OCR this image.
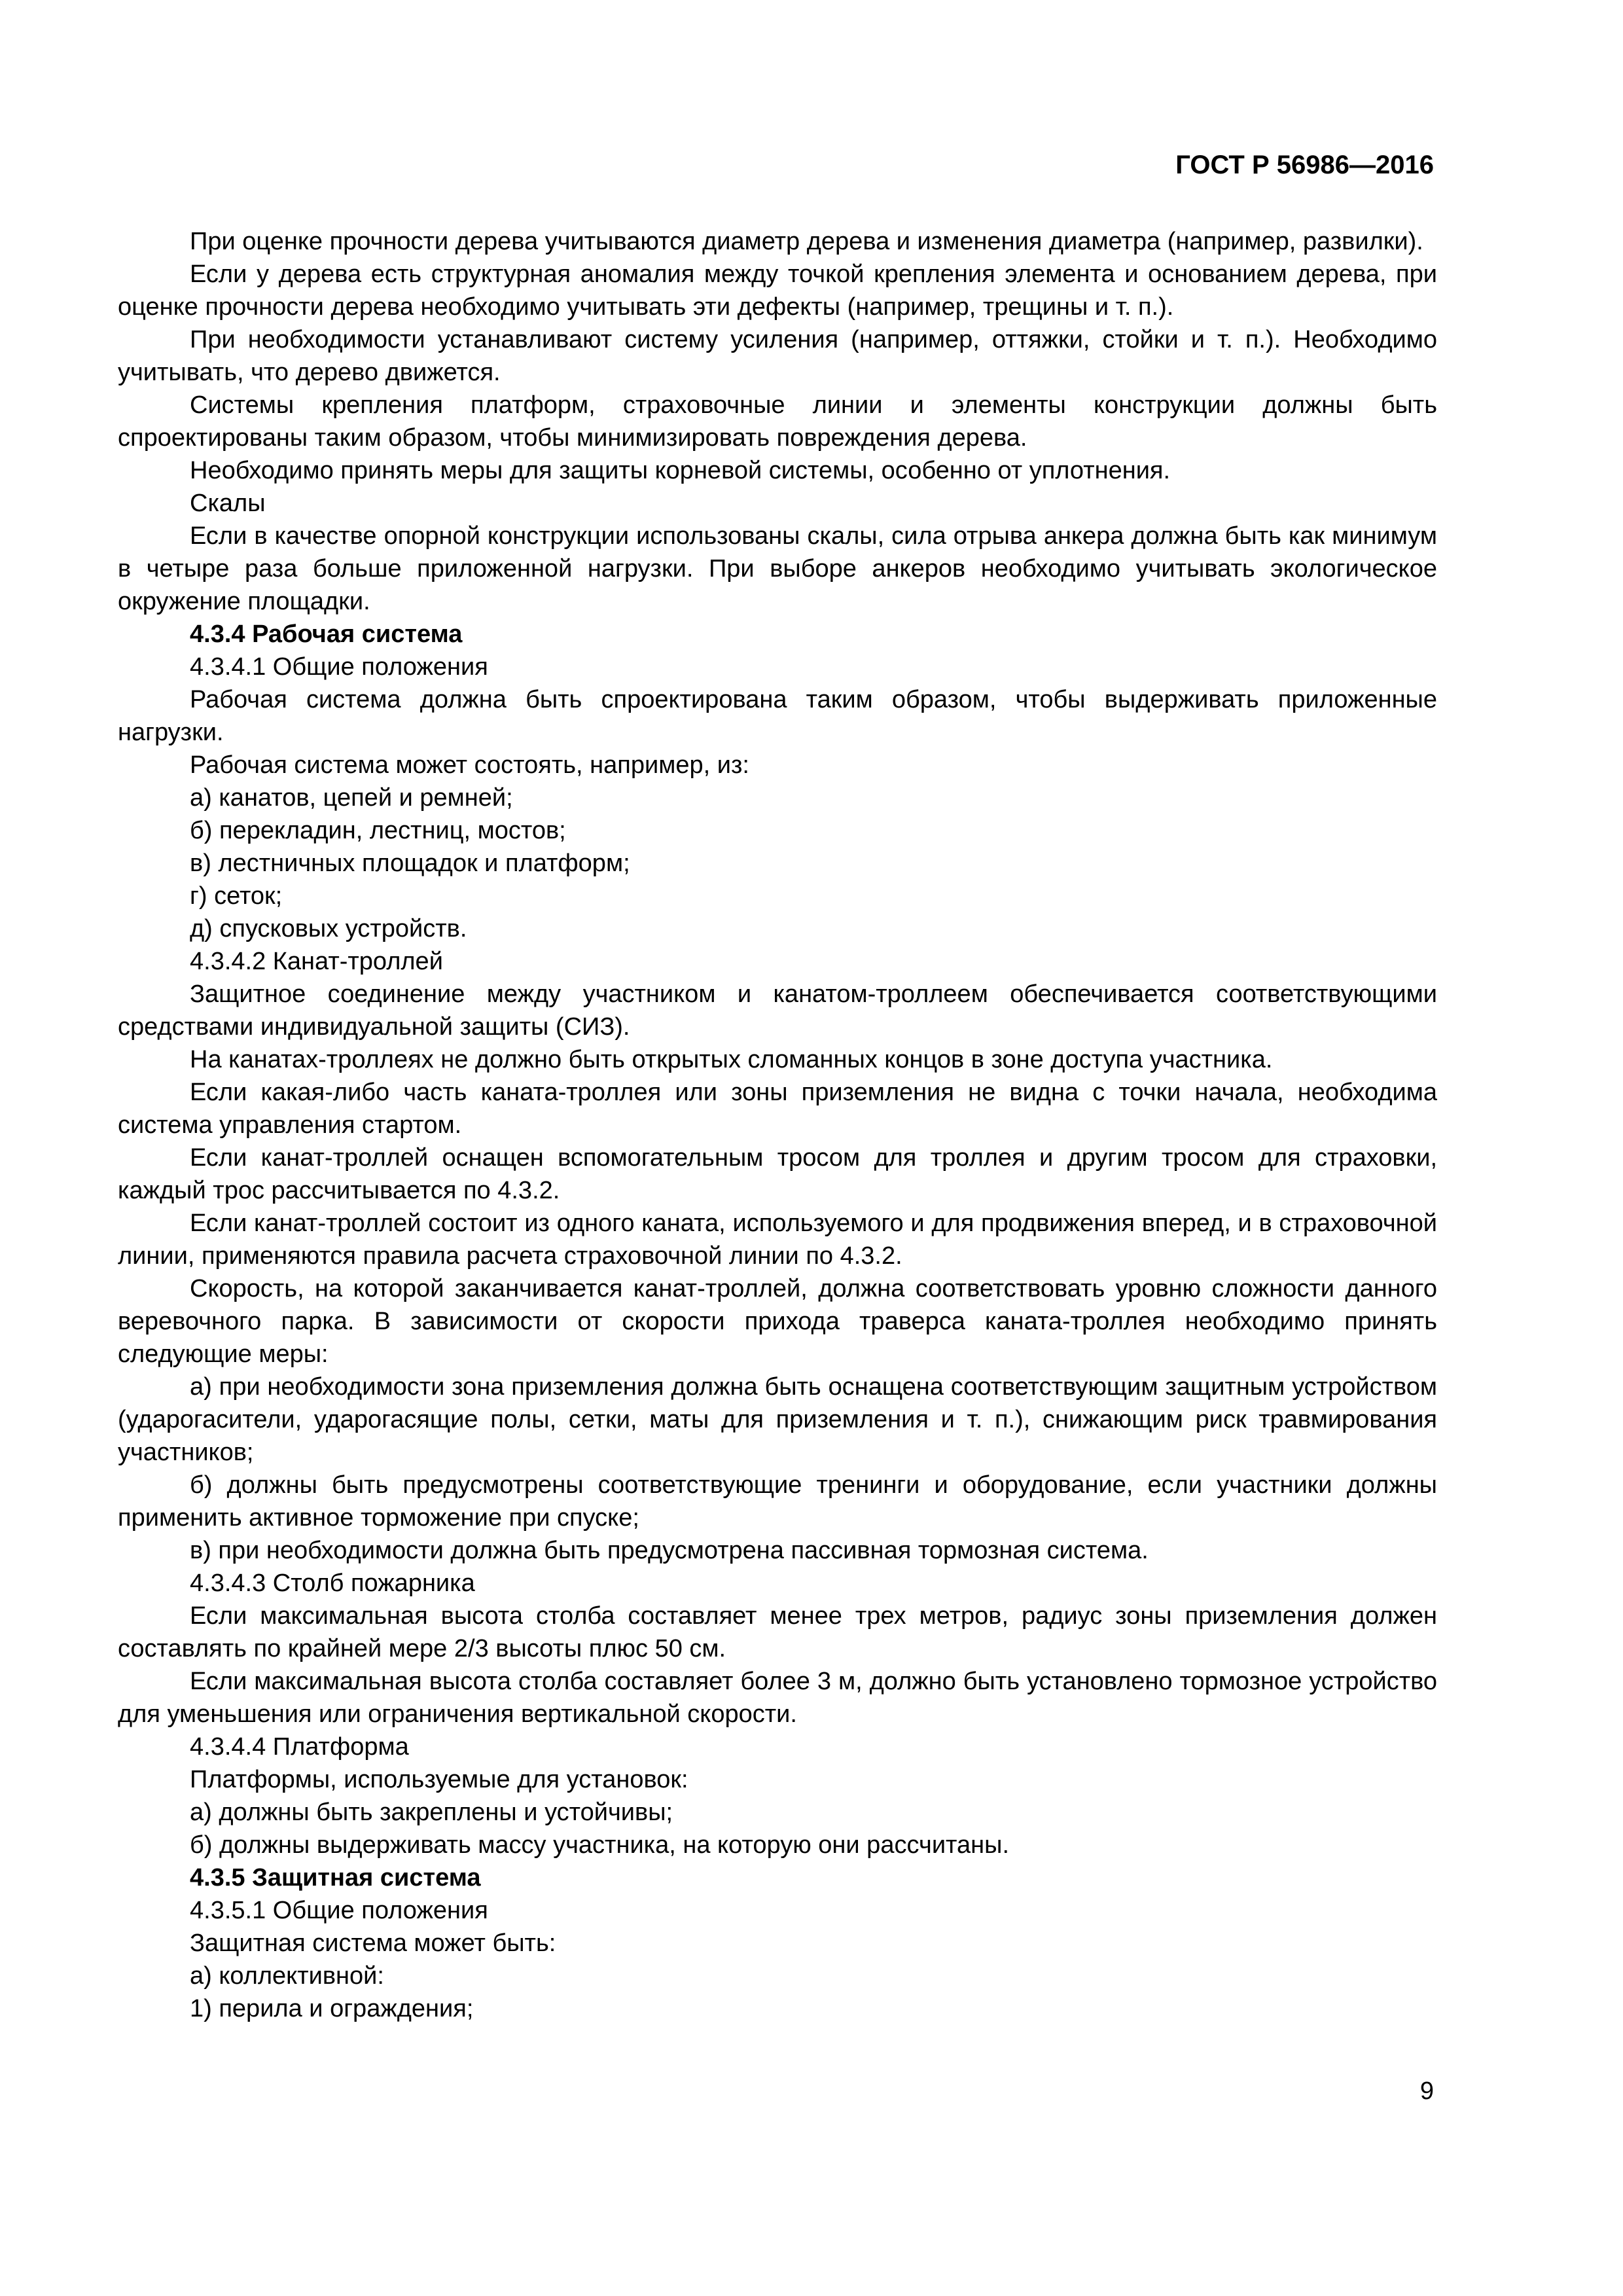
ГОСТ Р 56986—2016

При оценке прочности дерева учитываются диаметр дерева и изменения диаметра (например, развилки).

Если у дерева есть структурная аномалия между точкой крепления элемента и основанием дерева, при оценке прочности дерева необходимо учитывать эти дефекты (например, трещины и т. п.).

При необходимости устанавливают систему усиления (например, оттяжки, стойки и т. п.). Необходимо учитывать, что дерево движется.

Системы крепления платформ, страховочные линии и элементы конструкции должны быть спроектированы таким образом, чтобы минимизировать повреждения дерева.

Необходимо принять меры для защиты корневой системы, особенно от уплотнения.

Скалы

Если в качестве опорной конструкции использованы скалы, сила отрыва анкера должна быть как минимум в четыре раза больше приложенной нагрузки. При выборе анкеров необходимо учитывать экологическое окружение площадки.

4.3.4 Рабочая система

4.3.4.1 Общие положения

Рабочая система должна быть спроектирована таким образом, чтобы выдерживать приложенные нагрузки.

Рабочая система может состоять, например, из:

а) канатов, цепей и ремней;

б) перекладин, лестниц, мостов;

в) лестничных площадок и платформ;

г) сеток;

д) спусковых устройств.

4.3.4.2 Канат-троллей

Защитное соединение между участником и канатом-троллеем обеспечивается соответствующими средствами индивидуальной защиты (СИЗ).

На канатах-троллеях не должно быть открытых сломанных концов в зоне доступа участника.

Если какая-либо часть каната-троллея или зоны приземления не видна с точки начала, необходима система управления стартом.

Если канат-троллей оснащен вспомогательным тросом для троллея и другим тросом для страховки, каждый трос рассчитывается по 4.3.2.

Если канат-троллей состоит из одного каната, используемого и для продвижения вперед, и в страховочной линии, применяются правила расчета страховочной линии по 4.3.2.

Скорость, на которой заканчивается канат-троллей, должна соответствовать уровню сложности данного веревочного парка. В зависимости от скорости прихода траверса каната-троллея необходимо принять следующие меры:

а) при необходимости зона приземления должна быть оснащена соответствующим защитным устройством (ударогасители, ударогасящие полы, сетки, маты для приземления и т. п.), снижающим риск травмирования участников;

б) должны быть предусмотрены соответствующие тренинги и оборудование, если участники должны применить активное торможение при спуске;

в) при необходимости должна быть предусмотрена пассивная тормозная система.

4.3.4.3 Столб пожарника

Если максимальная высота столба составляет менее трех метров, радиус зоны приземления должен составлять по крайней мере 2/3 высоты плюс 50 см.

Если максимальная высота столба составляет более 3 м, должно быть установлено тормозное устройство для уменьшения или ограничения вертикальной скорости.

4.3.4.4 Платформа

Платформы, используемые для установок:

а) должны быть закреплены и устойчивы;

б) должны выдерживать массу участника, на которую они рассчитаны.

4.3.5 Защитная система

4.3.5.1 Общие положения

Защитная система может быть:

а) коллективной:

1) перила и ограждения;

9
